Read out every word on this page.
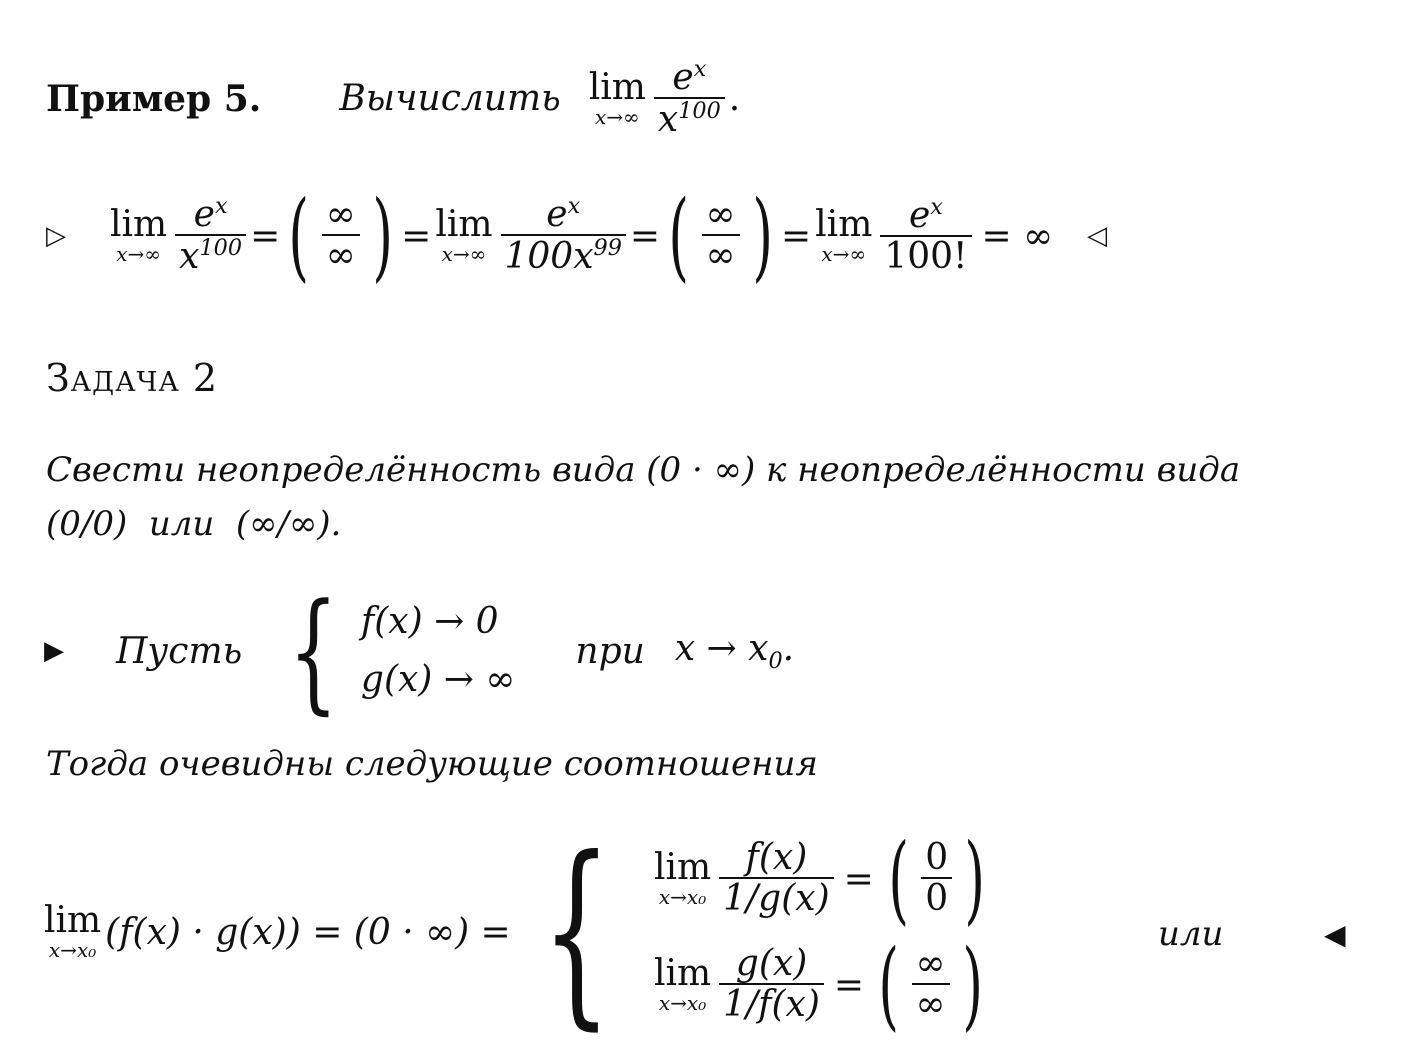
Пример 5. Вычислить lim
$x\to\infty \frac{e^x}{x^{100}}$ .
▷ lim
$x\to\infty \frac{e^x}{x^{100}}$ = ( $\frac{\infty}{\infty}$ ) = lim
$x\to\infty \frac{e^x}{100x^{99}}$ = ( $\frac{\infty}{\infty}$ ) = lim
$x\to\infty \frac{e^x}{100!}$ = ∞ ◁
Задача 2
Свести неопределённость вида (0 · ∞) к неопределённости вида
(0/0)  или  (∞/∞).
▶ Пусть { f(x) → 0
g(x) → ∞
при $x \to x_0$.
Тогда очевидны следующие соотношения
lim
x→x₀ (f(x) · g(x)) = (0 · ∞) = { lim
$x\to x_0 \frac{f(x)}{1/g(x)}$ = ( $\frac{0}{0}$ )
lim
$x\to x_0 \frac{g(x)}{1/f(x)}$ = ( $\frac{\infty}{\infty}$ )	или	◀
